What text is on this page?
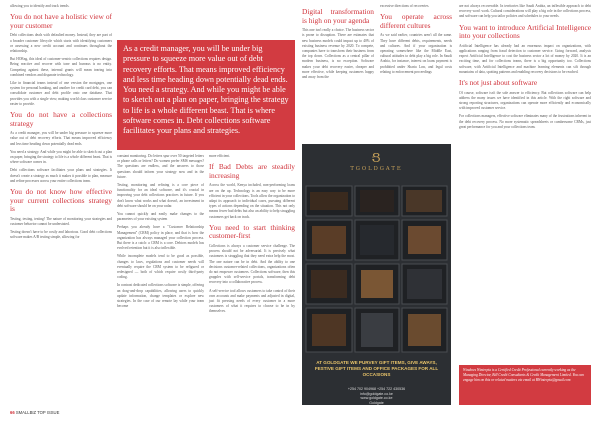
allowing you to identify and track trends.

You do not have a holistic view of your customer

Debt collections deals with defaulted money. Instead, they are part of a broader customer lifecycle which starts with identifying customers or assessing a new credit account and continues throughout the relationship.

But HOEng, this ideal of customer-centric collections requires design. Being reactive and recover with tone and bureaus is no entity. Competing against these, internal grants will mean tearing into combined vendors and disparate technology.

Like in financial teams instead of one version the mortgages, one system for personal banking, and another for credit card debt, you can consolidate customer and debt profile onto one database. That provides you with a single view, making world class customer service easier to provide.

You do not have a collections strategy

As a credit manager, you will be under big pressure to squeeze more value out of debt recovery efforts. That means improved efficiency and less time heading down potentially dead ends.

You need a strategy. And while you might be able to sketch out a plan on paper, bringing the strategy to life is a whole different beast. That is where software comes in.

Debt collections software facilitates your plans and strategies. It doesn't create a strategy as much it makes it possible to plan, measure and refine processes across your entire collections team.

You do not know how effective your current collections strategy is

Testing, testing, testing! The nature of monitoring your strategies and customer behavior cannot be understated.

Testing doesn't have to be costly and laborious. Good debt collections software makes A/B testing simple, allowing for

As a credit manager, you will be under big pressure to squeeze more value out of debt recovery efforts. That means improved efficiency and less time heading down potentially dead ends. You need a strategy. And while you might be able to sketch out a plan on paper, bringing the strategy to life is a whole different beast. That is where software comes in. Debt collections software facilitates your plans and strategies.

constant monitoring. Do letters spur over 50 targeted letters or phone calls or letters? Do women prefer SMS messages? The questions are endless, and the answers to those questions should inform your strategy now and in the future.

Testing, monitoring and refining is a core piece of functionality for an ideal software, and it's crucial in improving your debt collections practices in future. If you don't know what works and what doesn't, an investment in debt software should be on your radar.

You cannot quickly and easily make changes to the parameters of your existing system

Perhaps you already have a "Customer Relationship Management" (CRM) policy in place, and that is how the organization has always managed your collection process. But there is a catch: a CRM is a core. Debtors models has evolved retention but it is also inflexible.

While incomplete models tend to be good as possible, changes to laws, regulations and customer needs will eventually require the CRM system to be refigured or redesigned — both of which require costly third-party coding.

In contrast dedicated collections software is simple, offering an drag-and-drop capabilities, allowing users to quickly update information, change templates or explore new strategies. In the case of our remote lay while your team become

more efficient.

If Bad Debts are steadily increasing

Across the world, Kenya included, non-performing loans are on the up. Technology is an easy way to be more efficient in your collections. Tools allow the organization to adapt its approach to individual cases, pursuing different types of actions depending on the situation. This not only means fewer bad debts but also an ability to help struggling customers get back on track.

You need to start thinking customer-first

Collections is always a customer service challenge. The process should not be adversarial. It is precisely what customers is struggling that they need extra help the most. The one nature can be in debt. And the ability to one decisions customer-related collections, organizations often do not empower customers. Collections software, then this grapples with self-service portals, transforming debt recovery into a collaborative process.

A self-service tool allows customers to take control of their own accounts and make payments and adjusted in digital, just fit pressing needs of every customer in a more customers of what it requires to choose to be in by themselves.

Digital transformation is high on your agenda

This one isn't really a choice. The business sector is prone to disruption. There are estimates that new business models could impact up to 40% of existing business revenue by 2020. To compete, companies have to transform their business from the top down. Collections as a central pillar of modern business, is no exception. Software makes your debt recovery easier, cheaper and more effective, while keeping customers happy and away from the

excessive directions of recoveries.

You operate across different cultures

As we said earlier, countries aren't all the same. They have different debts, requirements, needs and cultures. And if your organization is operating somewhere like the Middle East, cultural attitudes to debt play a big role. In Saudi Arabia, for instance, interest on loans payment is prohibited under Sharia Law, and legal costs relating to enforcement proceedings

are not always recoverable. In territories like Saudi Arabia, an inflexible approach to debt recovery won't work. Cultural considerations will play a big role in the collections process, and software can help you tailor policies and schedules to your needs.

You want to introduce Artificial Intelligence into your collections

Artificial Intelligence has already had an enormous impact on organizations, with applications ranging from fraud detection to customer service. Going forward, analysts expect Artificial Intelligence to cost the business sector a lot of money by 2020. It is an exciting time, and for collections teams, there is a big opportunity too. Collections software, with Artificial Intelligence and machine learning elements can sift through mountains of data, spotting patterns and enabling recovery decisions to be reached.

It's not just about software

Of course, software isn't the sole answer to efficiency. But collections software can help address the many issues we have identified in this article. With the right software and strong reporting structures, organizations can operate more efficiently and economically with improved customer service.

For collections managers, effective software eliminates many of the frustrations inherent in the debt recovery process. No more systematic spreadsheets or cumbersome CRMs, just great performance for you and your collections team.

Windows Winterpia is a Certified Credit Professional currently working as the Managing Director, Bill Credit Consultants & Credit Management Limited. You can engage him on this or related matters via email at BWinterpia@gmail.com
Ց
TGOLDGATE
AT GOLDGATE WE PURVEY GIFT ITEMS, GIVE AWAYS, FESTIVE GIFT ITEMS AND OFFICE PACKAGES FOR ALL OCCASIONS
+254 702 904968 +254 722 430536
info@goldgate.co.ke
www.goldgate.co.ke
Goldgate
66 SMALLBIZ TOP ISSUE
